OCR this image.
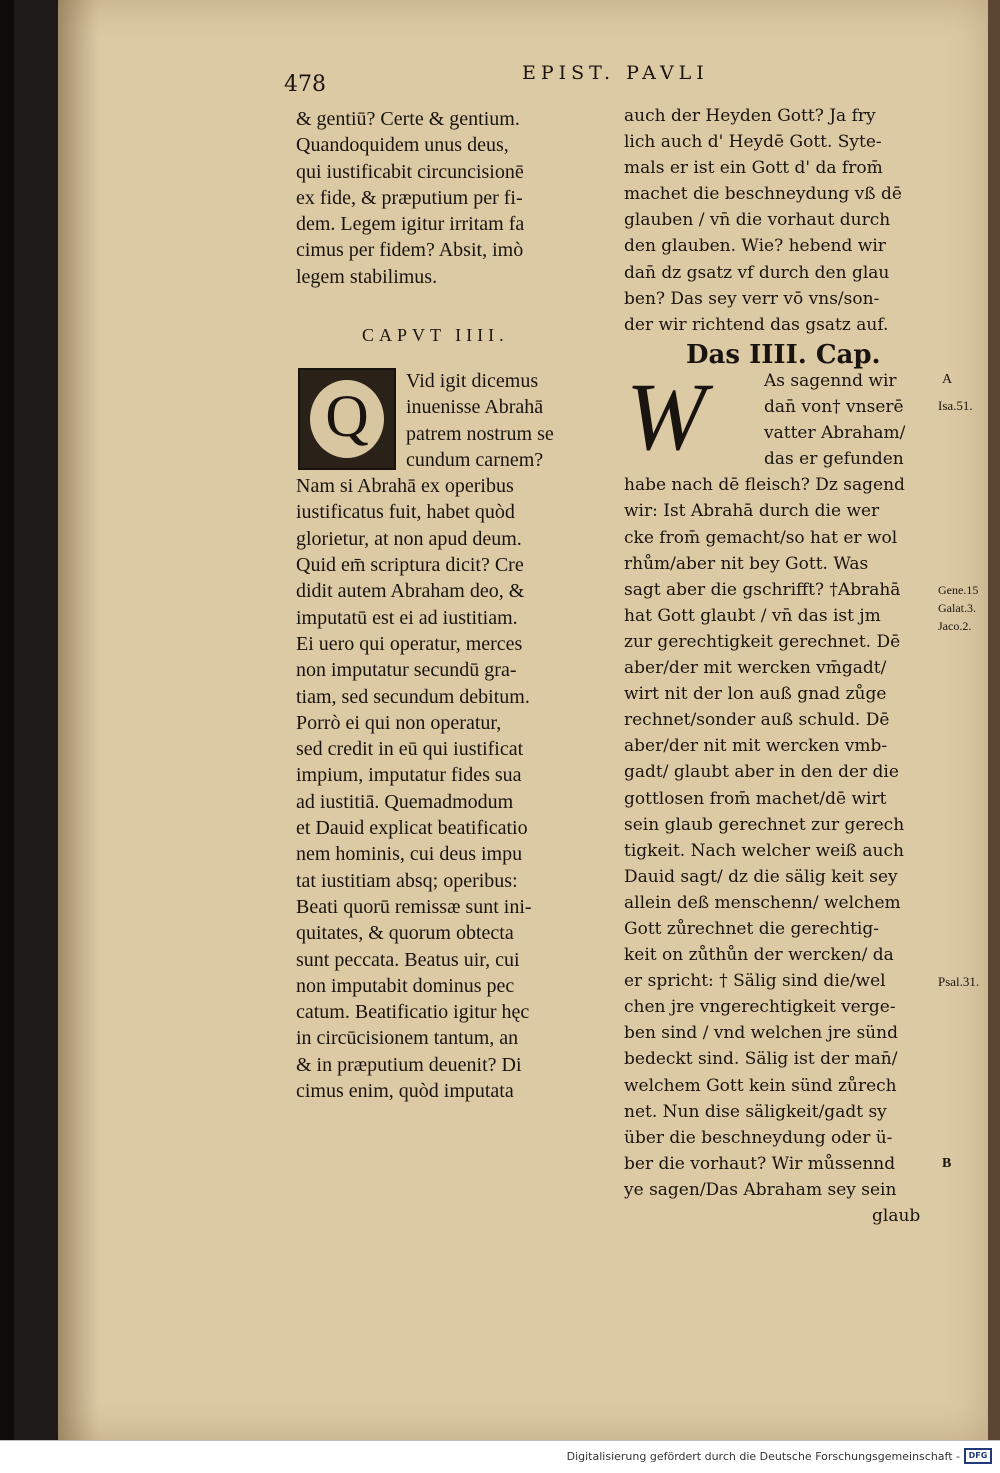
478	EPIST. PAVLI

& gentiū? Certe & gentium.

Quandoquidem unus deus,

qui iustificabit circuncisionē

ex fide, & præputium per fi-

dem. Legem igitur irritam fa

cimus per fidem? Absit, imò

legem stabilimus.

CAPVT IIII.
Q

Vid igit dicemus

inuenisse Abrahā

patrem nostrum se

cundum carnem?

Nam si Abrahā ex operibus

iustificatus fuit, habet quòd

glorietur, at non apud deum.

Quid em̄ scriptura dicit? Cre

didit autem Abraham deo, &

imputatū est ei ad iustitiam.

Ei uero qui operatur, merces

non imputatur secundū gra-

tiam, sed secundum debitum.

Porrò ei qui non operatur,

sed credit in eū qui iustificat

impium, imputatur fides sua

ad iustitiā. Quemadmodum

et Dauid explicat beatificatio

nem hominis, cui deus impu

tat iustitiam absq; operibus:

Beati quorū remissæ sunt ini-

quitates, & quorum obtecta

sunt peccata. Beatus uir, cui

non imputabit dominus pec

catum. Beatificatio igitur hęc

in circūcisionem tantum, an

& in præputium deuenit? Di

cimus enim, quòd imputata

auch der Heyden Gott? Ja fry

lich auch d' Heydē Gott. Syte-

mals er ist ein Gott d' da from̄

machet die beschneydung vß dē

glauben / vn̄ die vorhaut durch

den glauben. Wie? hebend wir

dan̄ dz gsatz vf durch den glau

ben? Das sey verr vō vns/son-

der wir richtend das gsatz auf.

Das IIII. Cap.
W	As sagennd wir

dan̄ von† vnserē

vatter Abraham/

das er gefunden

habe nach dē fleisch? Dz sagend

wir: Ist Abrahā durch die wer

cke from̄ gemacht/so hat er wol

rhům/aber nit bey Gott. Was

sagt aber die gschrifft? †Abrahā

hat Gott glaubt / vn̄ das ist jm

zur gerechtigkeit gerechnet. Dē

aber/der mit wercken vm̄gadt/

wirt nit der lon auß gnad zůge

rechnet/sonder auß schuld. Dē

aber/der nit mit wercken vmb-

gadt/ glaubt aber in den der die

gottlosen from̄ machet/dē wirt

sein glaub gerechnet zur gerech

tigkeit. Nach welcher weiß auch

Dauid sagt/ dz die sälig keit sey

allein deß menschenn/ welchem

Gott zůrechnet die gerechtig-

keit on zůthůn der wercken/ da

er spricht: † Sälig sind die/wel

chen jre vngerechtigkeit verge-

ben sind / vnd welchen jre sünd

bedeckt sind. Sälig ist der man̄/

welchem Gott kein sünd zůrech

net. Nun dise säligkeit/gadt sy

über die beschneydung oder ü-

ber die vorhaut? Wir můssennd

ye sagen/Das Abraham sey sein

glaub

A
Isa.51.
Gene.15
Galat.3.
Jaco.2.
Psal.31.
B
Digitalisierung gefördert durch die Deutsche Forschungsgemeinschaft -	DFG
